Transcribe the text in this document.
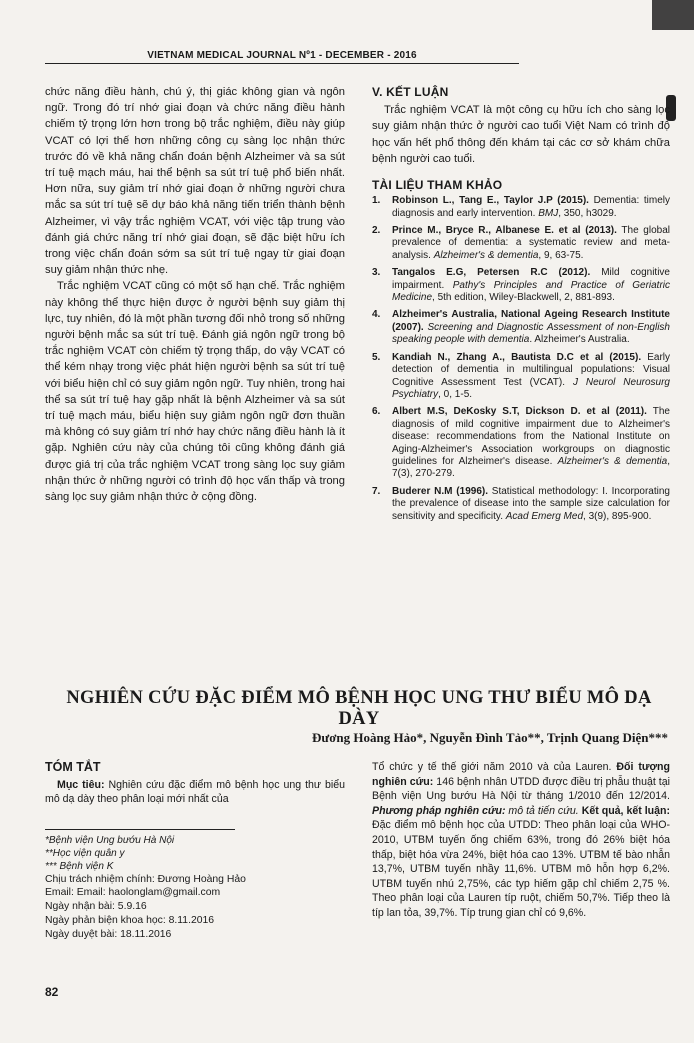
VIETNAM MEDICAL JOURNAL Nº1 - DECEMBER - 2016

chức năng điều hành, chú ý, thị giác không gian và ngôn ngữ. Trong đó trí nhớ giai đoạn và chức năng điều hành chiếm tỷ trọng lớn hơn trong bộ trắc nghiệm, điều này giúp VCAT có lợi thế hơn những công cụ sàng lọc nhận thức trước đó về khả năng chẩn đoán bệnh Alzheimer và sa sút trí tuệ mạch máu, hai thể bệnh sa sút trí tuệ phổ biến nhất. Hơn nữa, suy giảm trí nhớ giai đoạn ở những người chưa mắc sa sút trí tuệ sẽ dự báo khả năng tiến triển thành bệnh Alzheimer, vì vậy trắc nghiệm VCAT, với việc tập trung vào đánh giá chức năng trí nhớ giai đoạn, sẽ đặc biệt hữu ích trong việc chẩn đoán sớm sa sút trí tuệ ngay từ giai đoạn suy giảm nhận thức nhẹ.

Trắc nghiệm VCAT cũng có một số hạn chế. Trắc nghiệm này không thể thực hiện được ở người bệnh suy giảm thị lực, tuy nhiên, đó là một phần tương đối nhỏ trong số những người bệnh mắc sa sút trí tuệ. Đánh giá ngôn ngữ trong bộ trắc nghiệm VCAT còn chiếm tỷ trọng thấp, do vậy VCAT có thể kém nhạy trong việc phát hiện người bệnh sa sút trí tuệ với biểu hiện chỉ có suy giảm ngôn ngữ. Tuy nhiên, trong hai thể sa sút trí tuệ hay gặp nhất là bệnh Alzheimer và sa sút trí tuệ mạch máu, biểu hiện suy giảm ngôn ngữ đơn thuần mà không có suy giảm trí nhớ hay chức năng điều hành là ít gặp. Nghiên cứu này của chúng tôi cũng không đánh giá được giá trị của trắc nghiệm VCAT trong sàng lọc suy giảm nhận thức ở những người có trình độ học vấn thấp và trong sàng lọc suy giảm nhận thức ở cộng đồng.

V. KẾT LUẬN

Trắc nghiệm VCAT là một công cụ hữu ích cho sàng lọc suy giảm nhận thức ở người cao tuổi Việt Nam có trình độ học vấn hết phổ thông đến khám tại các cơ sở khám chữa bệnh người cao tuổi.

TÀI LIỆU THAM KHẢO
1. Robinson L., Tang E., Taylor J.P (2015). Dementia: timely diagnosis and early intervention. BMJ, 350, h3029.
2. Prince M., Bryce R., Albanese E. et al (2013). The global prevalence of dementia: a systematic review and meta-analysis. Alzheimer's & dementia, 9, 63-75.
3. Tangalos E.G, Petersen R.C (2012). Mild cognitive impairment. Pathy's Principles and Practice of Geriatric Medicine, 5th edition, Wiley-Blackwell, 2, 881-893.
4. Alzheimer's Australia, National Ageing Research Institute (2007). Screening and Diagnostic Assessment of non-English speaking people with dementia. Alzheimer's Australia.
5. Kandiah N., Zhang A., Bautista D.C et al (2015). Early detection of dementia in multilingual populations: Visual Cognitive Assessment Test (VCAT). J Neurol Neurosurg Psychiatry, 0, 1-5.
6. Albert M.S, DeKosky S.T, Dickson D. et al (2011). The diagnosis of mild cognitive impairment due to Alzheimer's disease: recommendations from the National Institute on Aging-Alzheimer's Association workgroups on diagnostic guidelines for Alzheimer's disease. Alzheimer's & dementia, 7(3), 270-279.
7. Buderer N.M (1996). Statistical methodology: I. Incorporating the prevalence of disease into the sample size calculation for sensitivity and specificity. Acad Emerg Med, 3(9), 895-900.
NGHIÊN CỨU ĐẶC ĐIỂM MÔ BỆNH HỌC UNG THƯ BIỂU MÔ DẠ DÀY
Đương Hoàng Hảo*, Nguyễn Đình Tảo**, Trịnh Quang Diện***
TÓM TẮT

Mục tiêu: Nghiên cứu đặc điểm mô bệnh học ung thư biểu mô dạ dày theo phân loại mới nhất của

*Bệnh viện Ung bướu Hà Nội
**Học viện quân y
*** Bệnh viện K
Chịu trách nhiệm chính: Đương Hoàng Hảo
Email: Email: haolonglam@gmail.com
Ngày nhận bài: 5.9.16
Ngày phản biện khoa học: 8.11.2016
Ngày duyệt bài: 18.11.2016

Tổ chức y tế thế giới năm 2010 và của Lauren. Đối tượng nghiên cứu: 146 bệnh nhân UTDD được điều trị phẫu thuật tại Bệnh viện Ung bướu Hà Nội từ tháng 1/2010 đến 12/2014. Phương pháp nghiên cứu: mô tả tiến cứu. Kết quả, kết luận: Đặc điểm mô bệnh học của UTDD: Theo phân loại của WHO-2010, UTBM tuyến ống chiếm 63%, trong đó 26% biệt hóa thấp, biệt hóa vừa 24%, biệt hóa cao 13%. UTBM tế bào nhẫn 13,7%, UTBM tuyến nhầy 11,6%. UTBM mô hỗn hợp 6,2%. UTBM tuyến nhú 2,75%, các typ hiếm gặp chỉ chiếm 2,75 %. Theo phân loại của Lauren típ ruột, chiếm 50,7%. Tiếp theo là típ lan tỏa, 39,7%. Típ trung gian chỉ có 9,6%.

82
